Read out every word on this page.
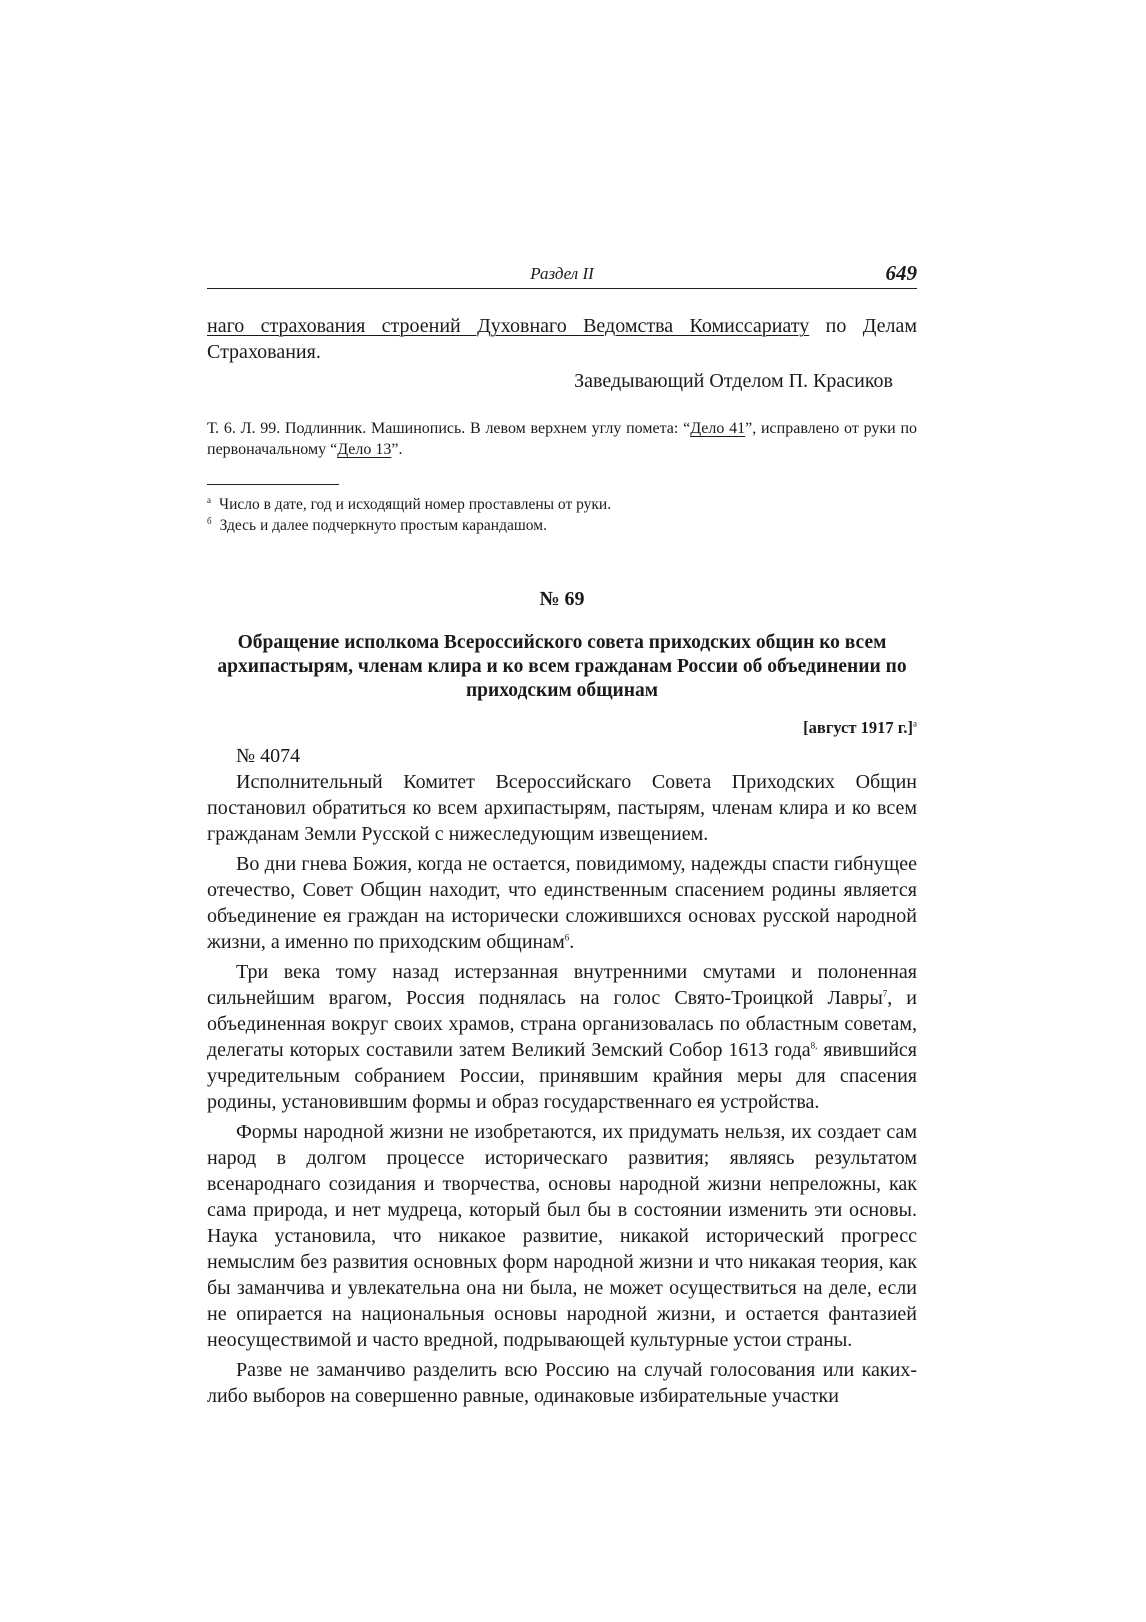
Раздел II	649
наго страхования строений Духовнаго Ведомства Комиссариату по Делам Страхования.
Заведывающий Отделом П. Красиков
Т. 6. Л. 99. Подлинник. Машинопись. В левом верхнем углу помета: “Дело 41”, исправлено от руки по первоначальному “Дело 13”.
$^а$ Число в дате, год и исходящий номер проставлены от руки.
$^б$ Здесь и далее подчеркнуто простым карандашом.
№ 69
Обращение исполкома Всероссийского совета приходских общин ко всем архипастырям, членам клира и ко всем гражданам России об объединении по приходским общинам
[август 1917 г.]$^а$
№ 4074
Исполнительный Комитет Всероссийскаго Совета Приходских Общин постановил обратиться ко всем архипастырям, пастырям, членам клира и ко всем гражданам Земли Русской с нижеследующим извещением.
Во дни гнева Божия, когда не остается, повидимому, надежды спасти гибнущее отечество, Совет Общин находит, что единственным спасением родины является объединение ея граждан на исторически сложившихся основах русской народной жизни, а именно по приходским общинам$^6$.
Три века тому назад истерзанная внутренними смутами и полоненная сильнейшим врагом, Россия поднялась на голос Свято-Троицкой Лавры$^7$, и объединенная вокруг своих храмов, страна организовалась по областным советам, делегаты которых составили затем Великий Земский Собор 1613 года$^{8,}$ явившийся учредительным собранием России, принявшим крайния меры для спасения родины, установившим формы и образ государственнаго ея устройства.
Формы народной жизни не изобретаются, их придумать нельзя, их создает сам народ в долгом процессе историческаго развития; являясь результатом всенароднаго созидания и творчества, основы народной жизни непреложны, как сама природа, и нет мудреца, который был бы в состоянии изменить эти основы. Наука установила, что никакое развитие, никакой исторический прогресс немыслим без развития основных форм народной жизни и что никакая теория, как бы заманчива и увлекательна она ни была, не может осуществиться на деле, если не опирается на национальныя основы народной жизни, и остается фантазией неосуществимой и часто вредной, подрывающей культурные устои страны.
Разве не заманчиво разделить всю Россию на случай голосования или каких-либо выборов на совершенно равные, одинаковые избирательные участки
